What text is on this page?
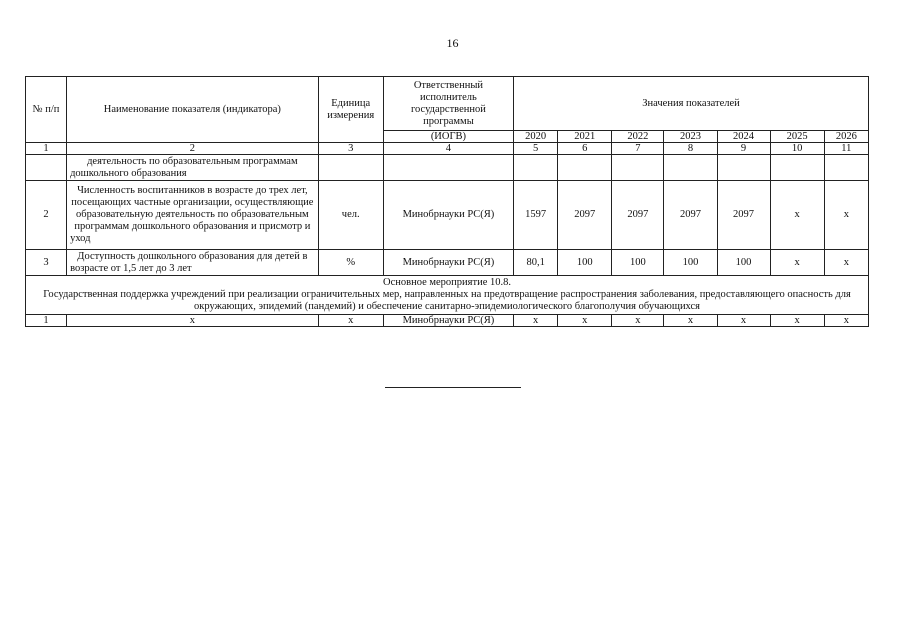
16
№ п/п	Наименование показателя (индикатора)	Единица измерения	Ответственный исполнитель государственной программы	Значения показателей						
			(ИОГВ)	2020	2021	2022	2023	2024	2025	2026
1	2	3	4	5	6	7	8	9	10	11
	деятельность по образовательным программам дошкольного образования									
2	Численность воспитанников в возрасте до трех лет, посещающих частные организации, осуществляющие образовательную деятельность по образовательным программам дошкольного образования и присмотр и уход	чел.	Минобрнауки РС(Я)	1597	2097	2097	2097	2097	x	x
3	Доступность дошкольного образования для детей в возрасте от 1,5 лет до 3 лет	%	Минобрнауки РС(Я)	80,1	100	100	100	100	x	x

Основное мероприятие 10.8.
Государственная поддержка учреждений при реализации ограничительных мер, направленных на предотвращение распространения заболевания, предоставляющего опасность для окружающих, эпидемий (пандемий) и обеспечение санитарно-эпидемиологического благополучия обучающихся										

1	x	x	Минобрнауки РС(Я)	x	x	x	x	x	x	x
